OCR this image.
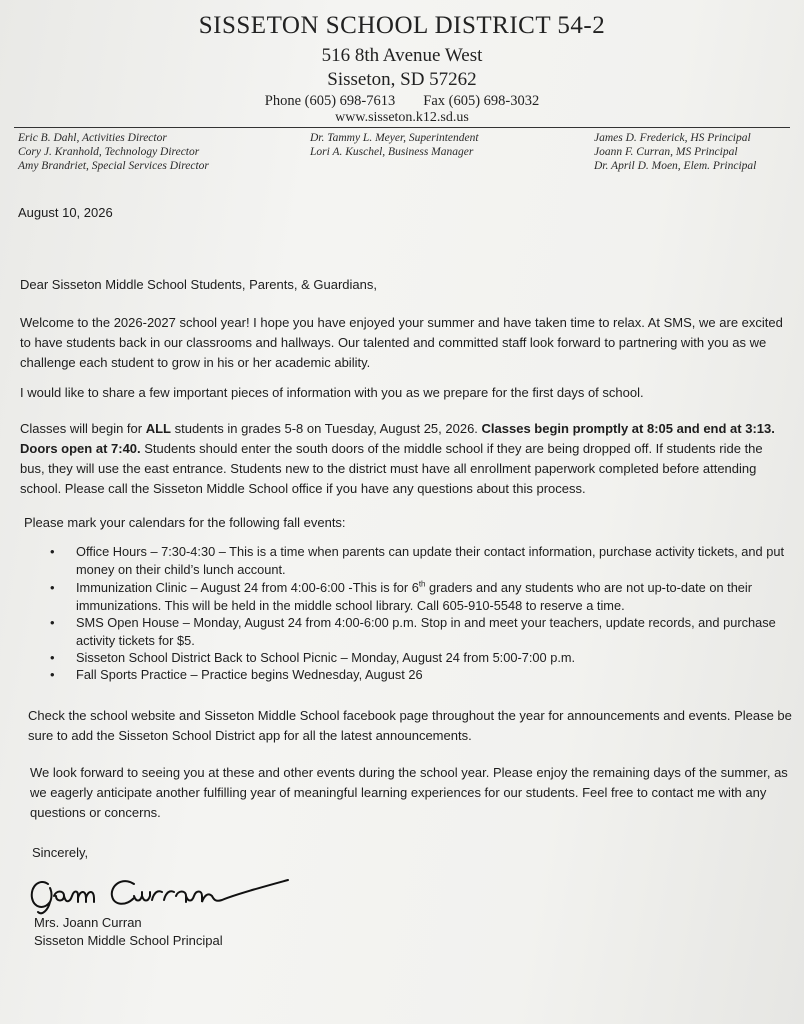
SISSETON SCHOOL DISTRICT 54-2
516 8th Avenue West
Sisseton, SD 57262
Phone (605) 698-7613 Fax (605) 698-3032
www.sisseton.k12.sd.us
Eric B. Dahl, Activities Director
Cory J. Kranhold, Technology Director
Amy Brandriet, Special Services Director
Dr. Tammy L. Meyer, Superintendent
Lori A. Kuschel, Business Manager
James D. Frederick, HS Principal
Joann F. Curran, MS Principal
Dr. April D. Moen, Elem. Principal
August 10, 2026
Dear Sisseton Middle School Students, Parents, & Guardians,
Welcome to the 2026-2027 school year! I hope you have enjoyed your summer and have taken time to relax. At SMS, we are excited to have students back in our classrooms and hallways. Our talented and committed staff look forward to partnering with you as we challenge each student to grow in his or her academic ability.
I would like to share a few important pieces of information with you as we prepare for the first days of school.
Classes will begin for ALL students in grades 5-8 on Tuesday, August 25, 2026. Classes begin promptly at 8:05 and end at 3:13. Doors open at 7:40. Students should enter the south doors of the middle school if they are being dropped off. If students ride the bus, they will use the east entrance. Students new to the district must have all enrollment paperwork completed before attending school. Please call the Sisseton Middle School office if you have any questions about this process.
Please mark your calendars for the following fall events:
• Office Hours – 7:30-4:30 – This is a time when parents can update their contact information, purchase activity tickets, and put money on their child’s lunch account.
• Immunization Clinic – August 24 from 4:00-6:00 -This is for 6th graders and any students who are not up-to-date on their immunizations. This will be held in the middle school library. Call 605-910-5548 to reserve a time.
• SMS Open House – Monday, August 24 from 4:00-6:00 p.m. Stop in and meet your teachers, update records, and purchase activity tickets for $5.
• Sisseton School District Back to School Picnic – Monday, August 24 from 5:00-7:00 p.m.
• Fall Sports Practice – Practice begins Wednesday, August 26
Check the school website and Sisseton Middle School facebook page throughout the year for announcements and events. Please be sure to add the Sisseton School District app for all the latest announcements.
We look forward to seeing you at these and other events during the school year. Please enjoy the remaining days of the summer, as we eagerly anticipate another fulfilling year of meaningful learning experiences for our students. Feel free to contact me with any questions or concerns.
Sincerely,
Mrs. Joann Curran
Sisseton Middle School Principal
